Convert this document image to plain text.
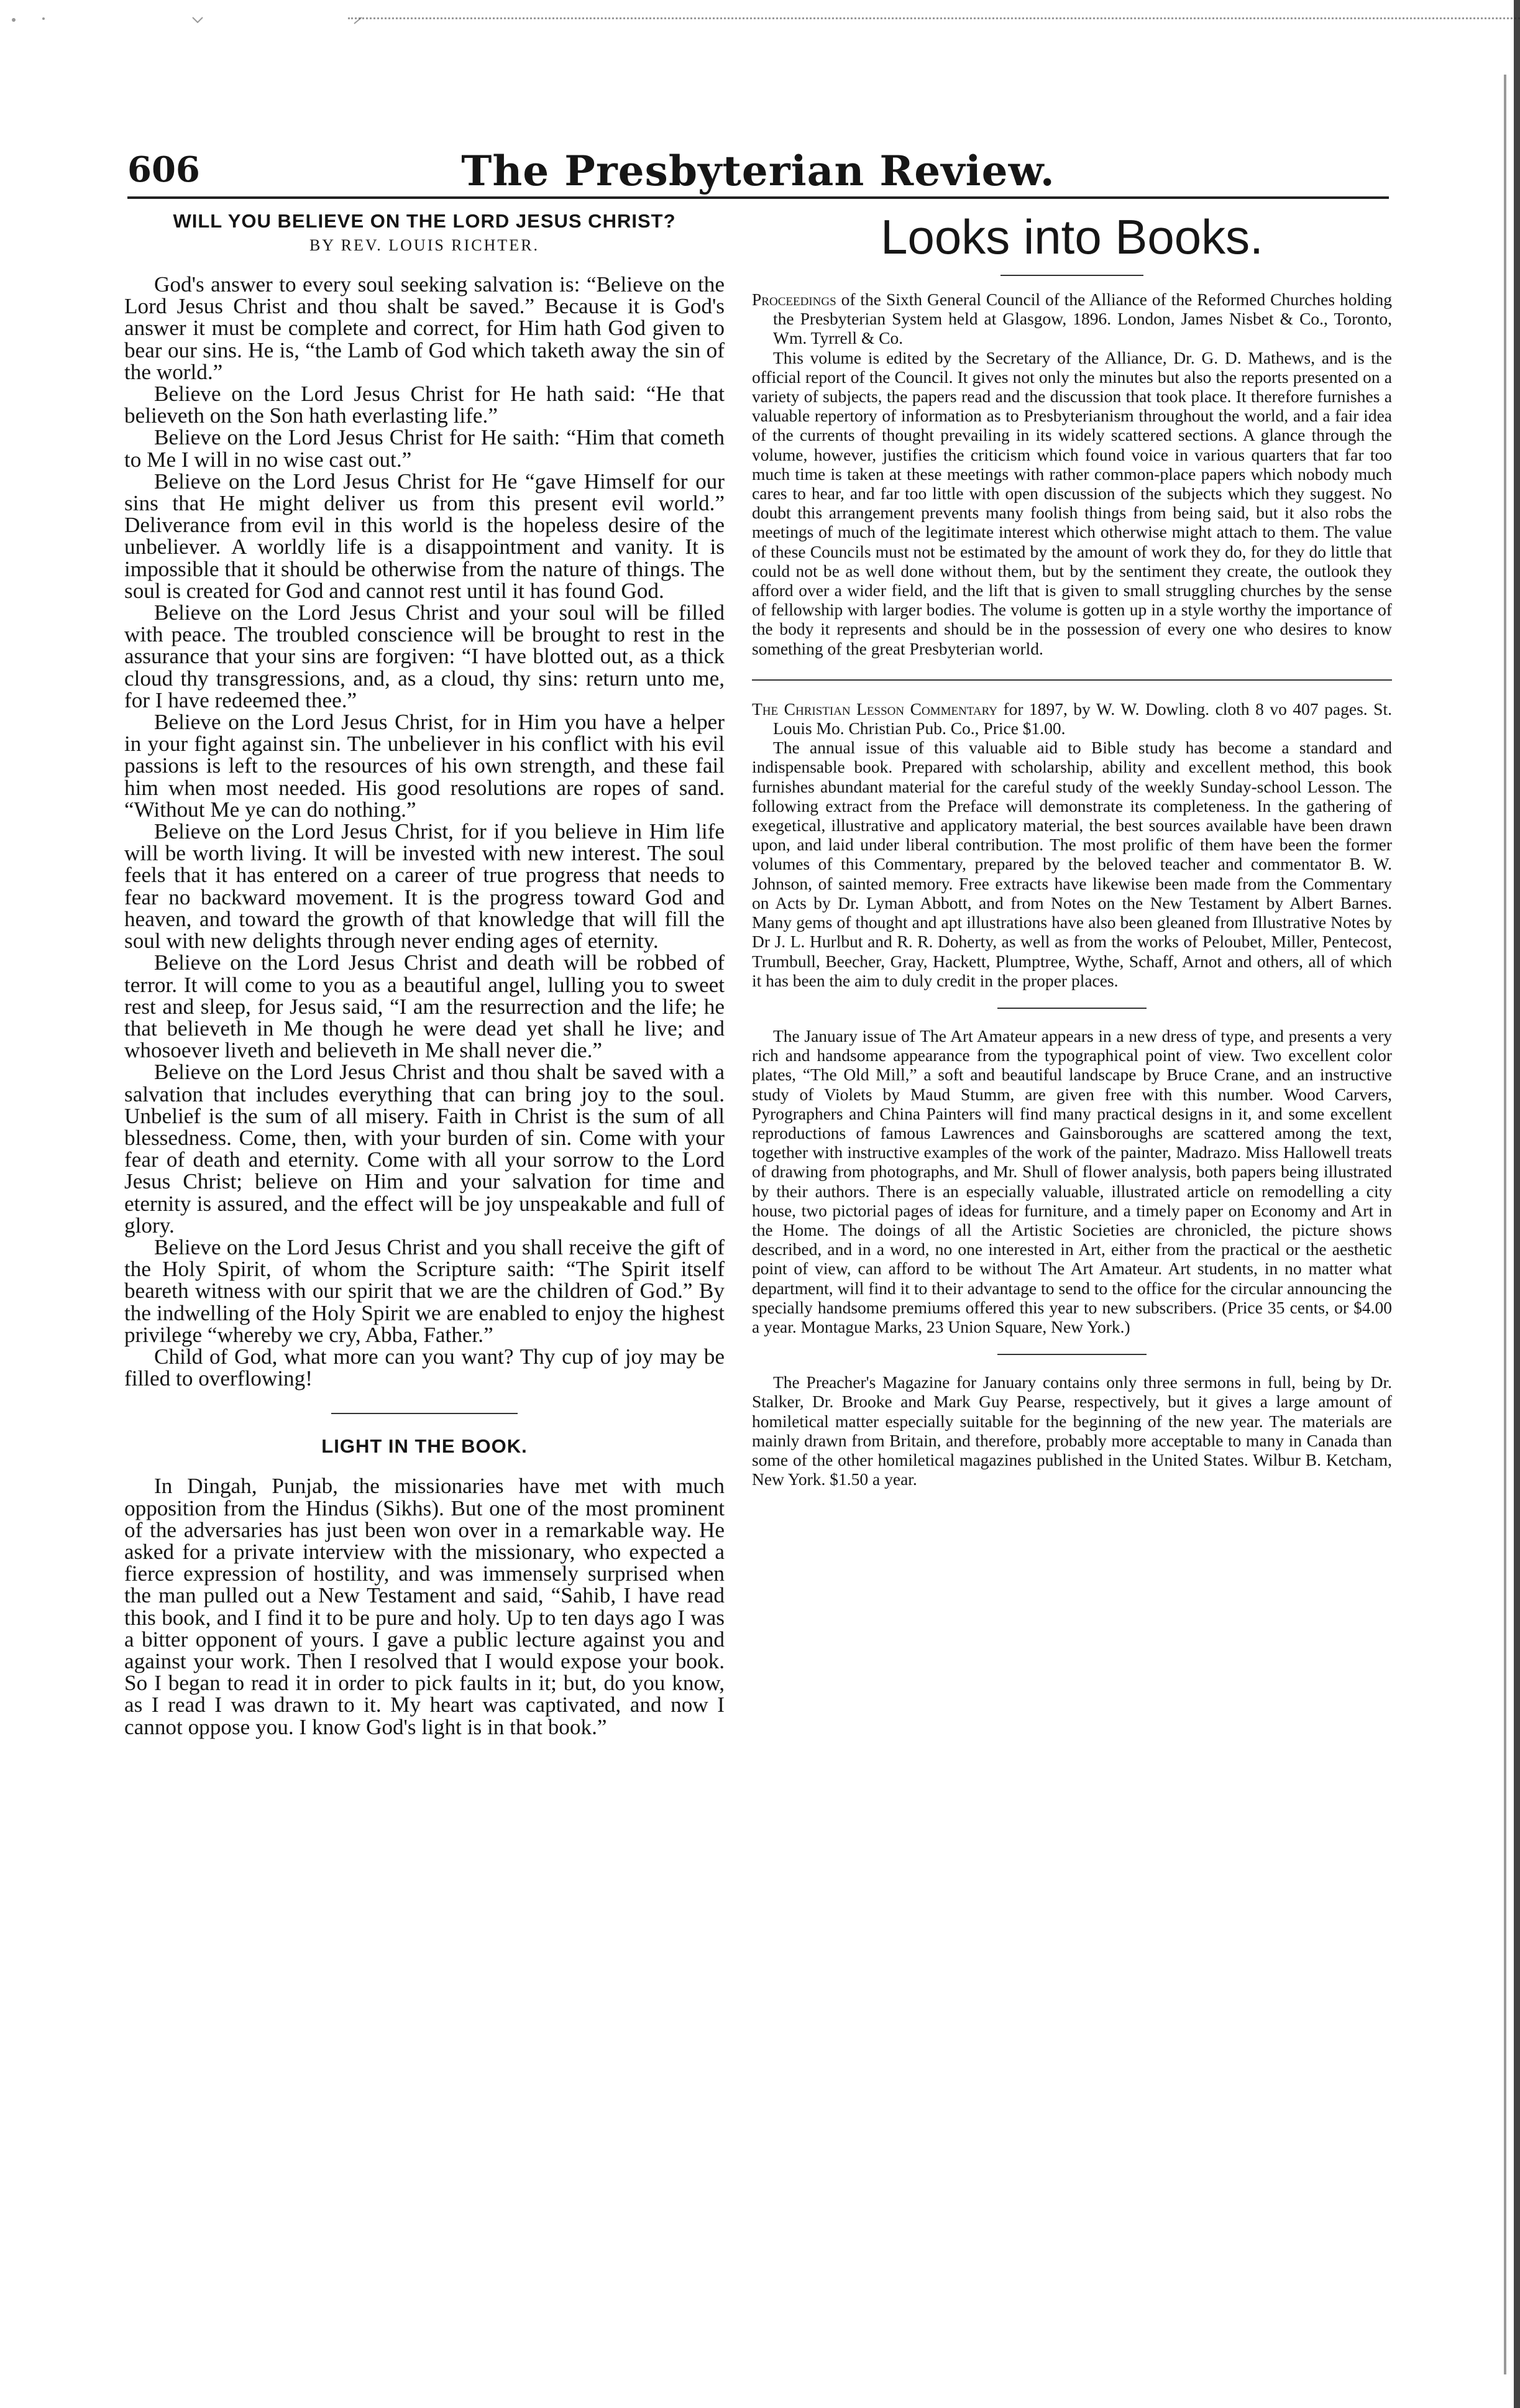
606	The Presbyterian Review.
WILL YOU BELIEVE ON THE LORD JESUS CHRIST?
BY REV. LOUIS RICHTER.

God's answer to every soul seeking salvation is: “Believe on the Lord Jesus Christ and thou shalt be saved.” Because it is God's answer it must be complete and correct, for Him hath God given to bear our sins. He is, “the Lamb of God which taketh away the sin of the world.”

Believe on the Lord Jesus Christ for He hath said: “He that believeth on the Son hath everlasting life.”

Believe on the Lord Jesus Christ for He saith: “Him that cometh to Me I will in no wise cast out.”

Believe on the Lord Jesus Christ for He “gave Himself for our sins that He might deliver us from this present evil world.” Deliverance from evil in this world is the hopeless desire of the unbeliever. A worldly life is a disappointment and vanity. It is impossible that it should be otherwise from the nature of things. The soul is created for God and cannot rest until it has found God.

Believe on the Lord Jesus Christ and your soul will be filled with peace. The troubled conscience will be brought to rest in the assurance that your sins are forgiven: “I have blotted out, as a thick cloud thy transgressions, and, as a cloud, thy sins: return unto me, for I have redeemed thee.”

Believe on the Lord Jesus Christ, for in Him you have a helper in your fight against sin. The unbeliever in his conflict with his evil passions is left to the resources of his own strength, and these fail him when most needed. His good resolutions are ropes of sand. “Without Me ye can do nothing.”

Believe on the Lord Jesus Christ, for if you believe in Him life will be worth living. It will be invested with new interest. The soul feels that it has entered on a career of true progress that needs to fear no backward movement. It is the progress toward God and heaven, and toward the growth of that knowledge that will fill the soul with new delights through never ending ages of eternity.

Believe on the Lord Jesus Christ and death will be robbed of terror. It will come to you as a beautiful angel, lulling you to sweet rest and sleep, for Jesus said, “I am the resurrection and the life; he that believeth in Me though he were dead yet shall he live; and whosoever liveth and believeth in Me shall never die.”

Believe on the Lord Jesus Christ and thou shalt be saved with a salvation that includes everything that can bring joy to the soul. Unbelief is the sum of all misery. Faith in Christ is the sum of all blessedness. Come, then, with your burden of sin. Come with your fear of death and eternity. Come with all your sorrow to the Lord Jesus Christ; believe on Him and your salvation for time and eternity is assured, and the effect will be joy unspeakable and full of glory.

Believe on the Lord Jesus Christ and you shall receive the gift of the Holy Spirit, of whom the Scripture saith: “The Spirit itself beareth witness with our spirit that we are the children of God.” By the indwelling of the Holy Spirit we are enabled to enjoy the highest privilege “whereby we cry, Abba, Father.”

Child of God, what more can you want? Thy cup of joy may be filled to overflowing!

LIGHT IN THE BOOK.

In Dingah, Punjab, the missionaries have met with much opposition from the Hindus (Sikhs). But one of the most prominent of the adversaries has just been won over in a remarkable way. He asked for a private interview with the missionary, who expected a fierce expression of hostility, and was immensely surprised when the man pulled out a New Testament and said, “Sahib, I have read this book, and I find it to be pure and holy. Up to ten days ago I was a bitter opponent of yours. I gave a public lecture against you and against your work. Then I resolved that I would expose your book. So I began to read it in order to pick faults in it; but, do you know, as I read I was drawn to it. My heart was captivated, and now I cannot oppose you. I know God's light is in that book.”

Looks into Books.

Proceedings of the Sixth General Council of the Alliance of the Reformed Churches holding the Presbyterian System held at Glasgow, 1896. London, James Nisbet & Co., Toronto, Wm. Tyrrell & Co.

This volume is edited by the Secretary of the Alliance, Dr. G. D. Mathews, and is the official report of the Council. It gives not only the minutes but also the reports presented on a variety of subjects, the papers read and the discussion that took place. It therefore furnishes a valuable repertory of information as to Presbyterianism throughout the world, and a fair idea of the currents of thought prevailing in its widely scattered sections. A glance through the volume, however, justifies the criticism which found voice in various quarters that far too much time is taken at these meetings with rather common-place papers which nobody much cares to hear, and far too little with open discussion of the subjects which they suggest. No doubt this arrangement prevents many foolish things from being said, but it also robs the meetings of much of the legitimate interest which otherwise might attach to them. The value of these Councils must not be estimated by the amount of work they do, for they do little that could not be as well done without them, but by the sentiment they create, the outlook they afford over a wider field, and the lift that is given to small struggling churches by the sense of fellowship with larger bodies. The volume is gotten up in a style worthy the importance of the body it represents and should be in the possession of every one who desires to know something of the great Presbyterian world.

The Christian Lesson Commentary for 1897, by W. W. Dowling. cloth 8 vo 407 pages. St. Louis Mo. Christian Pub. Co., Price $1.00.

The annual issue of this valuable aid to Bible study has become a standard and indispensable book. Prepared with scholarship, ability and excellent method, this book furnishes abundant material for the careful study of the weekly Sunday-school Lesson. The following extract from the Preface will demonstrate its completeness. In the gathering of exegetical, illustrative and applicatory material, the best sources available have been drawn upon, and laid under liberal contribution. The most prolific of them have been the former volumes of this Commentary, prepared by the beloved teacher and commentator B. W. Johnson, of sainted memory. Free extracts have likewise been made from the Commentary on Acts by Dr. Lyman Abbott, and from Notes on the New Testament by Albert Barnes. Many gems of thought and apt illustrations have also been gleaned from Illustrative Notes by Dr J. L. Hurlbut and R. R. Doherty, as well as from the works of Peloubet, Miller, Pentecost, Trumbull, Beecher, Gray, Hackett, Plumptree, Wythe, Schaff, Arnot and others, all of which it has been the aim to duly credit in the proper places.

The January issue of The Art Amateur appears in a new dress of type, and presents a very rich and handsome appearance from the typographical point of view. Two excellent color plates, “The Old Mill,” a soft and beautiful landscape by Bruce Crane, and an instructive study of Violets by Maud Stumm, are given free with this number. Wood Carvers, Pyrographers and China Painters will find many practical designs in it, and some excellent reproductions of famous Lawrences and Gainsboroughs are scattered among the text, together with instructive examples of the work of the painter, Madrazo. Miss Hallowell treats of drawing from photographs, and Mr. Shull of flower analysis, both papers being illustrated by their authors. There is an especially valuable, illustrated article on remodelling a city house, two pictorial pages of ideas for furniture, and a timely paper on Economy and Art in the Home. The doings of all the Artistic Societies are chronicled, the picture shows described, and in a word, no one interested in Art, either from the practical or the aesthetic point of view, can afford to be without The Art Amateur. Art students, in no matter what department, will find it to their advantage to send to the office for the circular announcing the specially handsome premiums offered this year to new subscribers. (Price 35 cents, or $4.00 a year. Montague Marks, 23 Union Square, New York.)

The Preacher's Magazine for January contains only three sermons in full, being by Dr. Stalker, Dr. Brooke and Mark Guy Pearse, respectively, but it gives a large amount of homiletical matter especially suitable for the beginning of the new year. The materials are mainly drawn from Britain, and therefore, probably more acceptable to many in Canada than some of the other homiletical magazines published in the United States. Wilbur B. Ketcham, New York. $1.50 a year.
